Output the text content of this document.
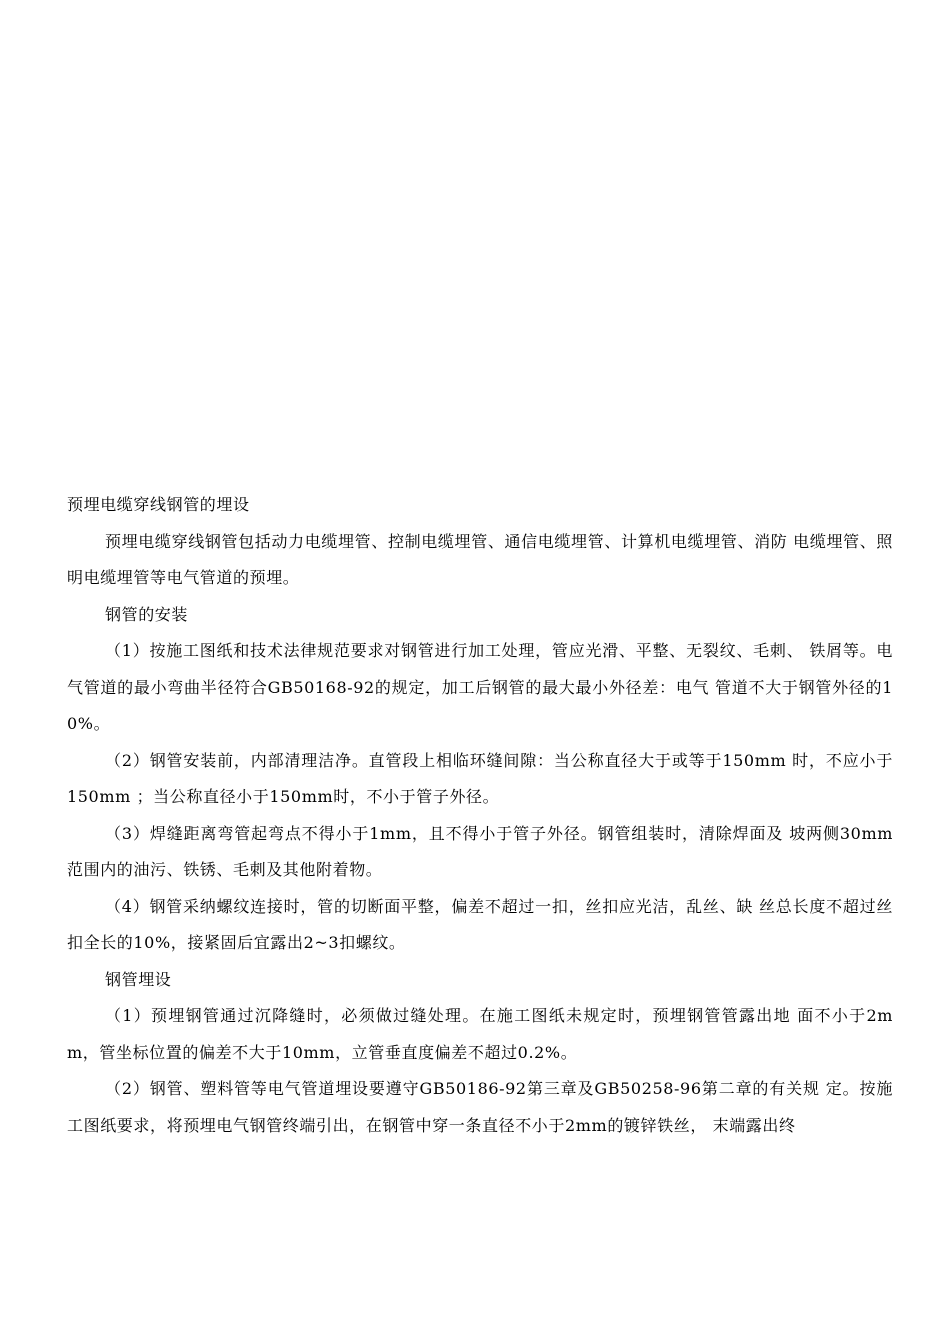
预埋电缆穿线钢管的埋设

预埋电缆穿线钢管包括动力电缆埋管、控制电缆埋管、通信电缆埋管、计算机电缆埋管、消防 电缆埋管、照明电缆埋管等电气管道的预埋。

钢管的安装

（1）按施工图纸和技术法律规范要求对钢管进行加工处理，管应光滑、平整、无裂纹、毛刺、 铁屑等。电气管道的最小弯曲半径符合GB50168-92的规定，加工后钢管的最大最小外径差：电气 管道不大于钢管外径的10%。

（2）钢管安装前，内部清理洁净。直管段上相临环缝间隙：当公称直径大于或等于150mm 时，不应小于150mm ；当公称直径小于150mm时，不小于管子外径。

（3）焊缝距离弯管起弯点不得小于1mm，且不得小于管子外径。钢管组装时，清除焊面及 坡两侧30mm范围内的油污、铁锈、毛刺及其他附着物。

（4）钢管采纳螺纹连接时，管的切断面平整，偏差不超过一扣，丝扣应光洁，乱丝、缺 丝总长度不超过丝扣全长的10%，接紧固后宜露出2~3扣螺纹。

钢管埋设

（1）预埋钢管通过沉降缝时，必须做过缝处理。在施工图纸未规定时，预埋钢管管露出地 面不小于2mm，管坐标位置的偏差不大于10mm，立管垂直度偏差不超过0.2%。

（2）钢管、塑料管等电气管道埋设要遵守GB50186-92第三章及GB50258-96第二章的有关规 定。按施工图纸要求，将预埋电气钢管终端引出，在钢管中穿一条直径不小于2mm的镀锌铁丝， 末端露出终
